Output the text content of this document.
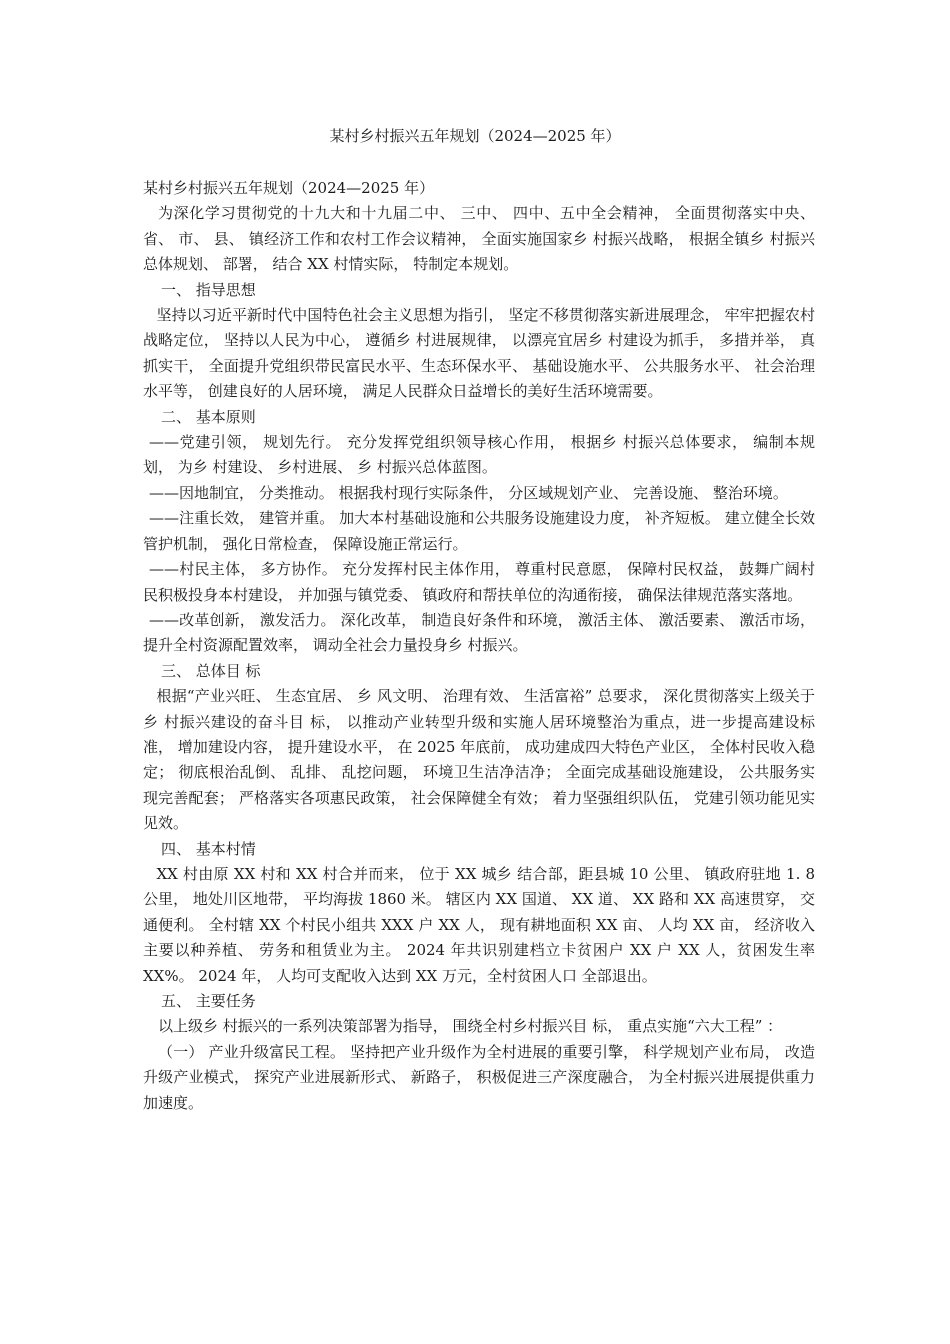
某村乡村振兴五年规划（2024—2025 年）

某村乡村振兴五年规划（2024—2025 年）

为深化学习贯彻党的十九大和十九届二中、 三中、 四中、五中全会精神， 全面贯彻落实中央、 省、 市、 县、 镇经济工作和农村工作会议精神， 全面实施国家乡 村振兴战略， 根据全镇乡 村振兴总体规划、 部署， 结合 XX 村情实际， 特制定本规划。

一、 指导思想

坚持以习近平新时代中国特色社会主义思想为指引， 坚定不移贯彻落实新进展理念， 牢牢把握农村战略定位， 坚持以人民为中心， 遵循乡 村进展规律， 以漂亮宜居乡 村建设为抓手， 多措并举， 真抓实干， 全面提升党组织带民富民水平、生态环保水平、 基础设施水平、 公共服务水平、 社会治理水平等， 创建良好的人居环境， 满足人民群众日益增长的美好生活环境需要。

二、 基本原则

——党建引领， 规划先行。 充分发挥党组织领导核心作用， 根据乡 村振兴总体要求， 编制本规划， 为乡 村建设、 乡村进展、 乡 村振兴总体蓝图。

——因地制宜， 分类推动。 根据我村现行实际条件， 分区域规划产业、 完善设施、 整治环境。

——注重长效， 建管并重。 加大本村基础设施和公共服务设施建设力度， 补齐短板。 建立健全长效管护机制， 强化日常检查， 保障设施正常运行。

——村民主体， 多方协作。 充分发挥村民主体作用， 尊重村民意愿， 保障村民权益， 鼓舞广阔村民积极投身本村建设， 并加强与镇党委、 镇政府和帮扶单位的沟通衔接， 确保法律规范落实落地。

——改革创新， 激发活力。 深化改革， 制造良好条件和环境， 激活主体、 激活要素、 激活市场， 提升全村资源配置效率， 调动全社会力量投身乡 村振兴。

三、 总体目 标

根据“产业兴旺、 生态宜居、 乡 风文明、 治理有效、 生活富裕” 总要求， 深化贯彻落实上级关于乡 村振兴建设的奋斗目 标， 以推动产业转型升级和实施人居环境整治为重点，进一步提高建设标准， 增加建设内容， 提升建设水平， 在 2025 年底前， 成功建成四大特色产业区， 全体村民收入稳定； 彻底根治乱倒、 乱排、 乱挖问题， 环境卫生洁净洁净； 全面完成基础设施建设， 公共服务实现完善配套； 严格落实各项惠民政策， 社会保障健全有效； 着力坚强组织队伍， 党建引领功能见实见效。

四、 基本村情

XX 村由原 XX 村和 XX 村合并而来， 位于 XX 城乡 结合部，距县城 10 公里、 镇政府驻地 1. 8 公里， 地处川区地带， 平均海拔 1860 米。 辖区内 XX 国道、 XX 道、 XX 路和 XX 高速贯穿， 交通便利。 全村辖 XX 个村民小组共 XXX 户 XX 人， 现有耕地面积 XX 亩、 人均 XX 亩， 经济收入主要以种养植、 劳务和租赁业为主。 2024 年共识别建档立卡贫困户 XX 户 XX 人，贫困发生率 XX%。 2024 年， 人均可支配收入达到 XX 万元，全村贫困人口 全部退出。

五、 主要任务

以上级乡 村振兴的一系列决策部署为指导， 围绕全村乡村振兴目 标， 重点实施“六大工程” ：

（一） 产业升级富民工程。 坚持把产业升级作为全村进展的重要引擎， 科学规划产业布局， 改造升级产业模式， 探究产业进展新形式、 新路子， 积极促进三产深度融合， 为全村振兴进展提供重力加速度。
